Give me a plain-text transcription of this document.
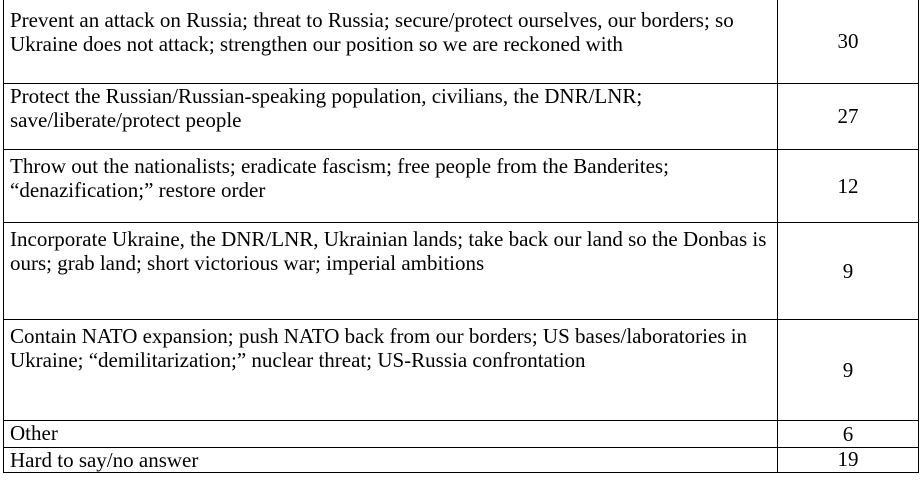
Prevent an attack on Russia; threat to Russia; secure/protect ourselves, our borders; so Ukraine does not attack; strengthen our position so we are reckoned with	30
Protect the Russian/Russian-speaking population, civilians, the DNR/LNR; save/liberate/protect people	27
Throw out the nationalists; eradicate fascism; free people from the Banderites; “denazification;” restore order	12
Incorporate Ukraine, the DNR/LNR, Ukrainian lands; take back our land so the Donbas is ours; grab land; short victorious war; imperial ambitions	9
Contain NATO expansion; push NATO back from our borders; US bases/laboratories in Ukraine; “demilitarization;” nuclear threat; US-Russia confrontation	9
Other	6
Hard to say/no answer	19
